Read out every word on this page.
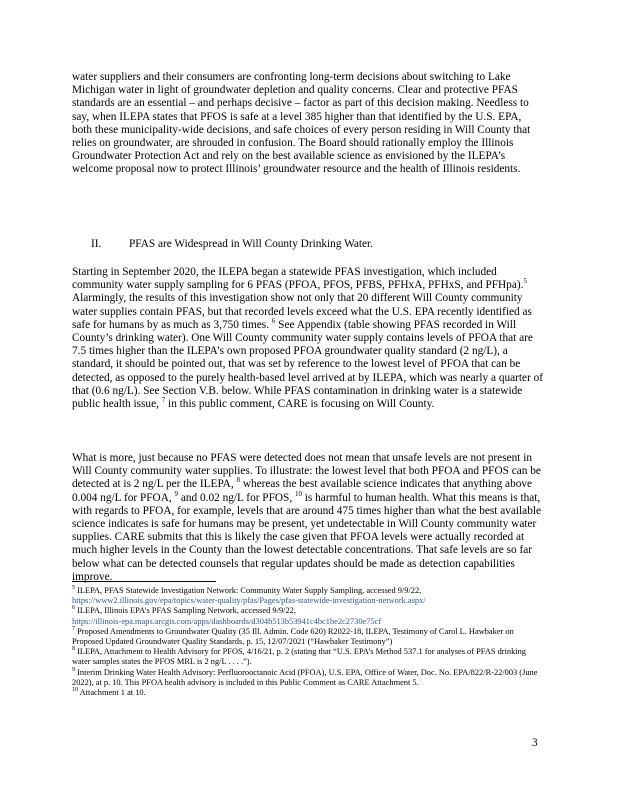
water suppliers and their consumers are confronting long-term decisions about switching to Lake Michigan water in light of groundwater depletion and quality concerns. Clear and protective PFAS standards are an essential – and perhaps decisive – factor as part of this decision making. Needless to say, when ILEPA states that PFOS is safe at a level 385 higher than that identified by the U.S. EPA, both these municipality-wide decisions, and safe choices of every person residing in Will County that relies on groundwater, are shrouded in confusion. The Board should rationally employ the Illinois Groundwater Protection Act and rely on the best available science as envisioned by the ILEPA’s welcome proposal now to protect Illinois’ groundwater resource and the health of Illinois residents.

II. PFAS are Widespread in Will County Drinking Water.

Starting in September 2020, the ILEPA began a statewide PFAS investigation, which included community water supply sampling for 6 PFAS (PFOA, PFOS, PFBS, PFHxA, PFHxS, and PFHpa).$^5$ Alarmingly, the results of this investigation show not only that 20 different Will County community water supplies contain PFAS, but that recorded levels exceed what the U.S. EPA recently identified as safe for humans by as much as 3,750 times. $^6$ See Appendix (table showing PFAS recorded in Will County’s drinking water). One Will County community water supply contains levels of PFOA that are 7.5 times higher than the ILEPA’s own proposed PFOA groundwater quality standard (2 ng/L), a standard, it should be pointed out, that was set by reference to the lowest level of PFOA that can be detected, as opposed to the purely health-based level arrived at by ILEPA, which was nearly a quarter of that (0.6 ng/L). See Section V.B. below. While PFAS contamination in drinking water is a statewide public health issue, $^7$ in this public comment, CARE is focusing on Will County.

What is more, just because no PFAS were detected does not mean that unsafe levels are not present in Will County community water supplies. To illustrate: the lowest level that both PFOA and PFOS can be detected at is 2 ng/L per the ILEPA, $^8$ whereas the best available science indicates that anything above 0.004 ng/L for PFOA, $^9$ and 0.02 ng/L for PFOS, $^{10}$ is harmful to human health. What this means is that, with regards to PFOA, for example, levels that are around 475 times higher than what the best available science indicates is safe for humans may be present, yet undetectable in Will County community water supplies. CARE submits that this is likely the case given that PFOA levels were actually recorded at much higher levels in the County than the lowest detectable concentrations. That safe levels are so far below what can be detected counsels that regular updates should be made as detection capabilities improve.

$^5$ ILEPA, PFAS Statewide Investigation Network: Community Water Supply Sampling, accessed 9/9/22,
https://www2.illinois.gov/epa/topics/water-quality/pfas/Pages/pfas-statewide-investigation-network.aspx/

$^6$ ILEPA, Illinois EPA’s PFAS Sampling Network, accessed 9/9/22,
https://illinois-epa.maps.arcgis.com/apps/dashboards/d304b513b53941c4bc1be2c2730e75cf

$^7$ Proposed Amendments to Groundwater Quality (35 Ill. Admin. Code 620) R2022-18, ILEPA, Testimony of Carol L. Hawbaker on Proposed Updated Groundwater Quality Standards, p. 15, 12/07/2021 (“Hawbaker Testimony”)

$^8$ ILEPA, Attachment to Health Advisory for PFOS, 4/16/21, p. 2 (stating that “U.S. EPA’s Method 537.1 for analyses of PFAS drinking water samples states the PFOS MRL is 2 ng/L . . . .”).

$^9$ Interim Drinking Water Health Advisory: Perfluorooctanoic Acid (PFOA), U.S. EPA, Office of Water, Doc. No. EPA/822/R-22/003 (June 2022), at p. 10. This PFOA health advisory is included in this Public Comment as CARE Attachment 5.

$^{10}$ Attachment 1 at 10.

3
